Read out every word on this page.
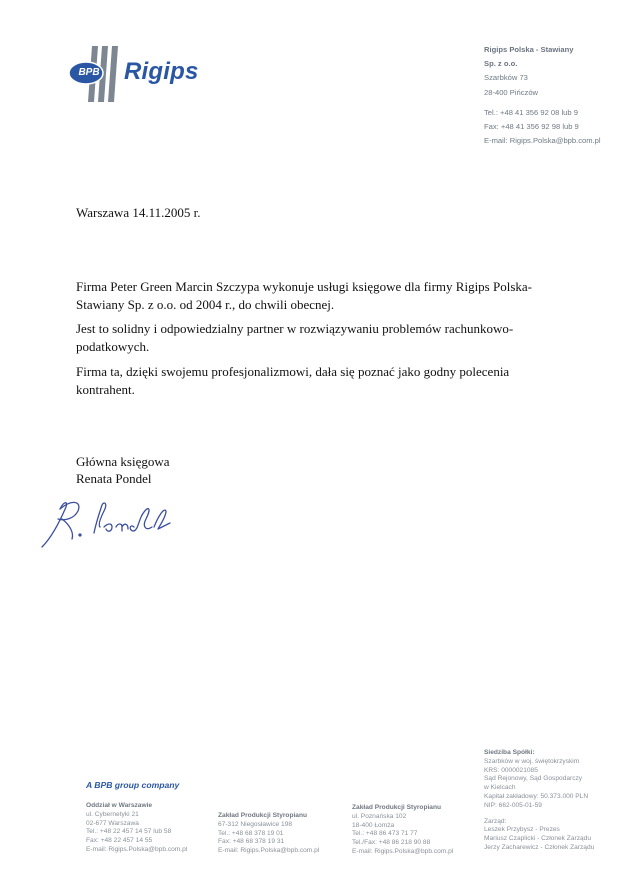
BPB Rigips
Rigips Polska - Stawiany
Sp. z o.o.
Szarbków 73
28-400 Pińczów
Tel.: +48 41 356 92 08 lub 9
Fax: +48 41 356 92 98 lub 9
E-mail: Rigips.Polska@bpb.com.pl
Warszawa 14.11.2005 r.
Firma Peter Green Marcin Szczypa wykonuje usługi księgowe dla firmy Rigips Polska-Stawiany Sp. z o.o. od 2004 r., do chwili obecnej.
Jest to solidny i odpowiedzialny partner w rozwiązywaniu problemów rachunkowo-podatkowych.
Firma ta, dzięki swojemu profesjonalizmowi, dała się poznać jako godny polecenia kontrahent.
Główna księgowa
Renata Pondel
A BPB group company
Oddział w Warszawie
ul. Cybernetyki 21
02-677 Warszawa
Tel.: +48 22 457 14 57 lub 58
Fax: +48 22 457 14 55
E-mail: Rigips.Polska@bpb.com.pl
Zakład Produkcji Styropianu
67-312 Niegosławice 198
Tel.: +48 68 378 19 01
Fax: +48 68 378 19 31
E-mail: Rigips.Polska@bpb.com.pl
Zakład Produkcji Styropianu
ul. Poznańska 102
18-400 Łomża
Tel.: +48 86 473 71 77
Tel./Fax: +48 86 218 90 88
E-mail: Rigips.Polska@bpb.com.pl
Siedziba Spółki:
Szarbków w woj. świętokrzyskim
KRS: 0000021085
Sąd Rejonowy, Sąd Gospodarczy
w Kielcach
Kapitał zakładowy: 50.373.000 PLN
NIP: 662-005-01-59
Zarząd:
Leszek Przybysz - Prezes
Mariusz Czaplicki - Członek Zarządu
Jerzy Zacharewicz - Członek Zarządu
